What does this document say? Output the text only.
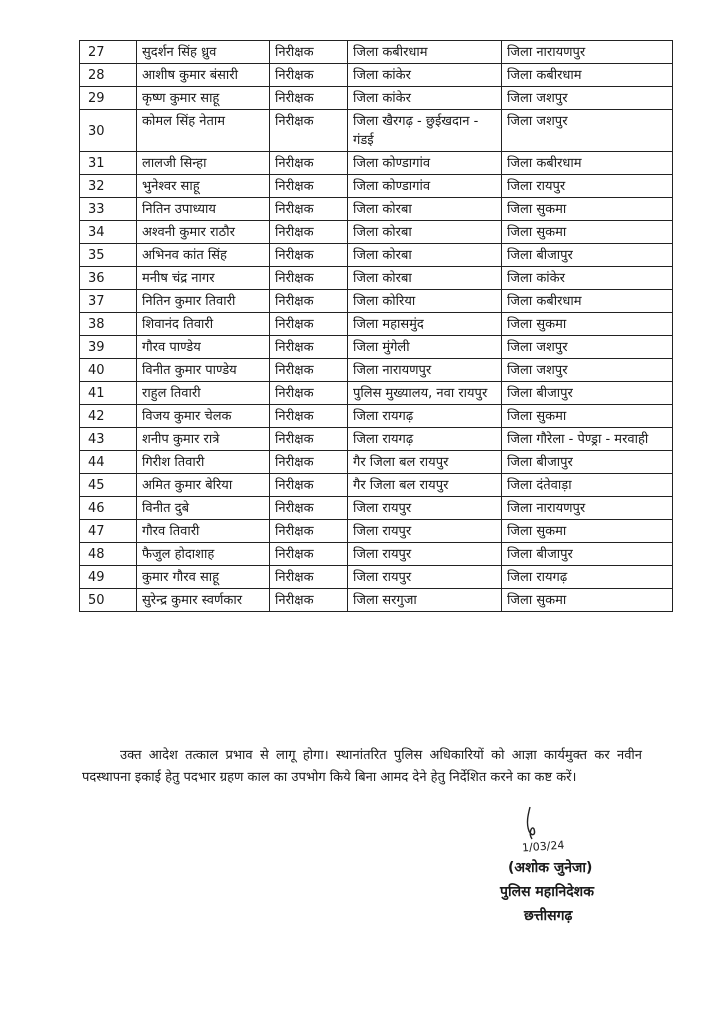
27	सुदर्शन सिंह ध्रुव	निरीक्षक	जिला कबीरधाम	जिला नारायणपुर
28	आशीष कुमार बंसारी	निरीक्षक	जिला कांकेर	जिला कबीरधाम
29	कृष्ण कुमार साहू	निरीक्षक	जिला कांकेर	जिला जशपुर
30	कोमल सिंह नेताम	निरीक्षक	जिला खैरगढ़ - छुईखदान - गंडई	जिला जशपुर
31	लालजी सिन्हा	निरीक्षक	जिला कोण्डागांव	जिला कबीरधाम
32	भुनेश्वर साहू	निरीक्षक	जिला कोण्डागांव	जिला रायपुर
33	नितिन उपाध्याय	निरीक्षक	जिला कोरबा	जिला सुकमा
34	अश्वनी कुमार राठौर	निरीक्षक	जिला कोरबा	जिला सुकमा
35	अभिनव कांत सिंह	निरीक्षक	जिला कोरबा	जिला बीजापुर
36	मनीष चंद्र नागर	निरीक्षक	जिला कोरबा	जिला कांकेर
37	नितिन कुमार तिवारी	निरीक्षक	जिला कोरिया	जिला कबीरधाम
38	शिवानंद तिवारी	निरीक्षक	जिला महासमुंद	जिला सुकमा
39	गौरव पाण्डेय	निरीक्षक	जिला मुंगेली	जिला जशपुर
40	विनीत कुमार पाण्डेय	निरीक्षक	जिला नारायणपुर	जिला जशपुर
41	राहुल तिवारी	निरीक्षक	पुलिस मुख्यालय, नवा रायपुर	जिला बीजापुर
42	विजय कुमार चेलक	निरीक्षक	जिला रायगढ़	जिला सुकमा
43	शनीप कुमार रात्रे	निरीक्षक	जिला रायगढ़	जिला गौरेला - पेण्ड्रा - मरवाही
44	गिरीश तिवारी	निरीक्षक	गैर जिला बल रायपुर	जिला बीजापुर
45	अमित कुमार बेरिया	निरीक्षक	गैर जिला बल रायपुर	जिला दंतेवाड़ा
46	विनीत दुबे	निरीक्षक	जिला रायपुर	जिला नारायणपुर
47	गौरव तिवारी	निरीक्षक	जिला रायपुर	जिला सुकमा
48	फैजुल होदाशाह	निरीक्षक	जिला रायपुर	जिला बीजापुर
49	कुमार गौरव साहू	निरीक्षक	जिला रायपुर	जिला रायगढ़
50	सुरेन्द्र कुमार स्वर्णकार	निरीक्षक	जिला सरगुजा	जिला सुकमा
उक्त आदेश तत्काल प्रभाव से लागू होगा। स्थानांतरित पुलिस अधिकारियों को आज्ञा कार्यमुक्त कर नवीन पदस्थापना इकाई हेतु पदभार ग्रहण काल का उपभोग किये बिना आमद देने हेतु निर्देशित करने का कष्ट करें।
1/03/24
(अशोक जुनेजा)
पुलिस महानिदेशक
छत्तीसगढ़
